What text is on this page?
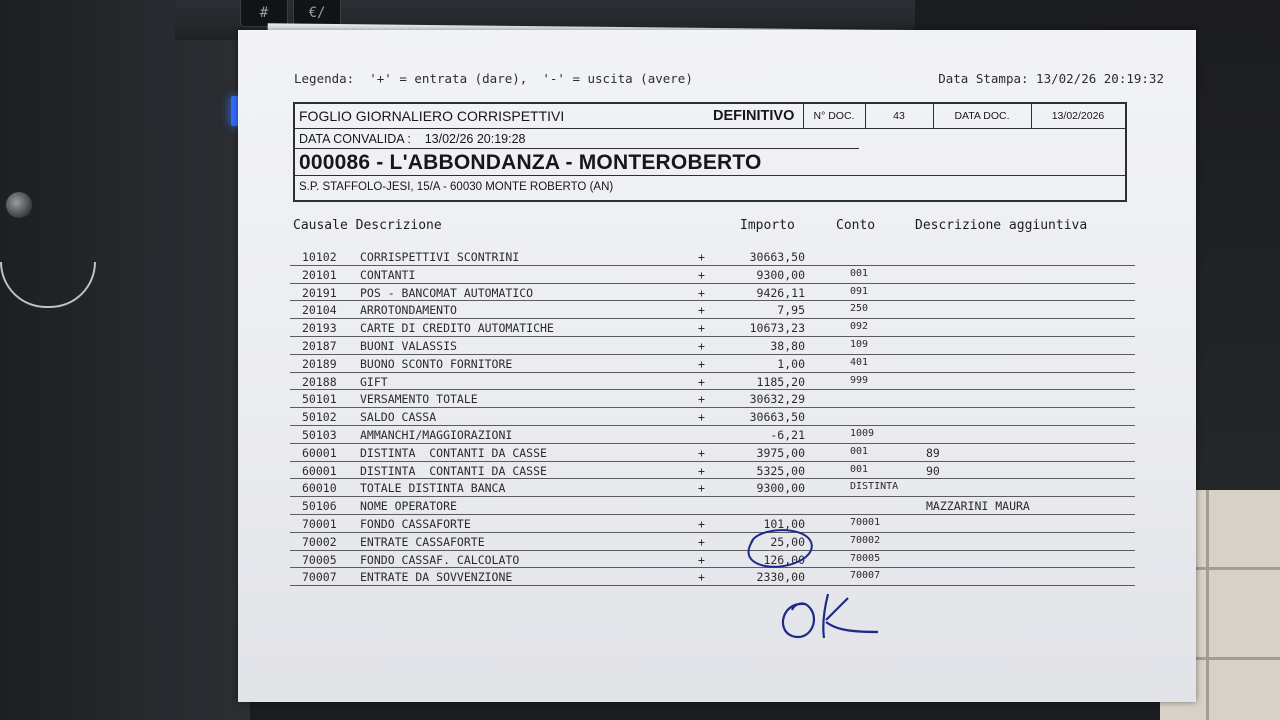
#	€/
Legenda:  '+' = entrata (dare),  '-' = uscita (avere)	Data Stampa: 13/02/26 20:19:32
FOGLIO GIORNALIERO CORRISPETTIVI	DEFINITIVO	N° DOC.	43	DATA DOC.	13/02/2026
DATA CONVALIDA :    13/02/26 20:19:28
000086 - L'ABBONDANZA - MONTEROBERTO
S.P. STAFFOLO-JESI, 15/A - 60030 MONTE ROBERTO (AN)
Causale Descrizione	Importo	Conto	Descrizione aggiuntiva
10102 CORRISPETTIVI SCONTRINI	+	30663,50
20101 CONTANTI	+	9300,00	001
20191 POS - BANCOMAT AUTOMATICO	+	9426,11	091
20104 ARROTONDAMENTO	+	7,95	250
20193 CARTE DI CREDITO AUTOMATICHE	+	10673,23	092
20187 BUONI VALASSIS	+	38,80	109
20189 BUONO SCONTO FORNITORE	+	1,00	401
20188 GIFT	+	1185,20	999
50101 VERSAMENTO TOTALE	+	30632,29
50102 SALDO CASSA	+	30663,50
50103 AMMANCHI/MAGGIORAZIONI	-6,21	1009
60001 DISTINTA  CONTANTI DA CASSE	+	3975,00	001	89
60001 DISTINTA  CONTANTI DA CASSE	+	5325,00	001	90
60010 TOTALE DISTINTA BANCA	+	9300,00	DISTINTA
50106 NOME OPERATORE	MAZZARINI MAURA
70001 FONDO CASSAFORTE	+	101,00	70001
70002 ENTRATE CASSAFORTE	+	25,00	70002
70005 FONDO CASSAF. CALCOLATO	+	126,00	70005
70007 ENTRATE DA SOVVENZIONE	+	2330,00	70007
